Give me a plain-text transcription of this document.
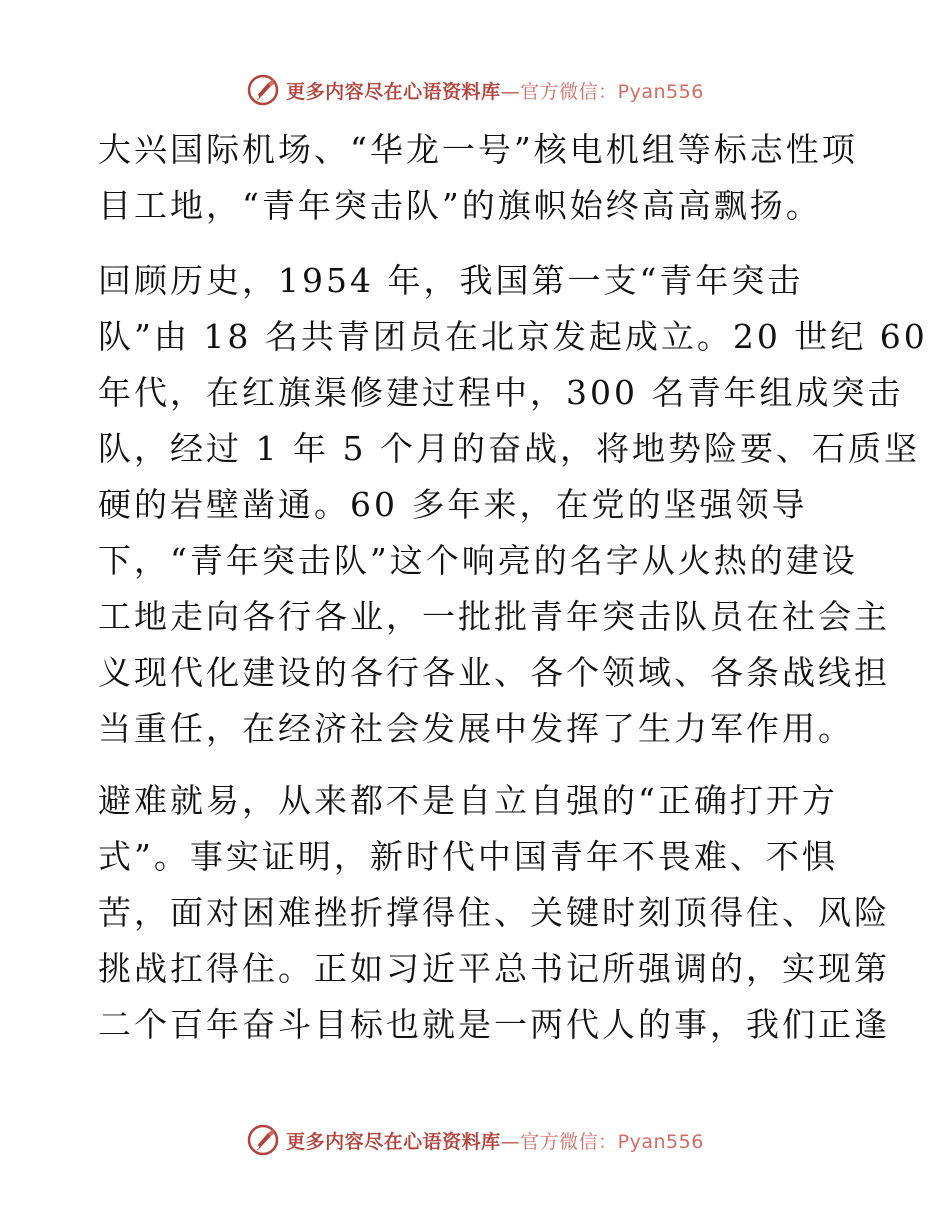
更多内容尽在心语资料库—官方微信：Pyan556
大兴国际机场、“华龙一号”核电机组等标志性项
目工地，“青年突击队”的旗帜始终高高飘扬。
回顾历史，1954 年，我国第一支“青年突击
队”由 18 名共青团员在北京发起成立。20 世纪 60
年代，在红旗渠修建过程中，300 名青年组成突击
队，经过 1 年 5 个月的奋战，将地势险要、石质坚
硬的岩壁凿通。60 多年来，在党的坚强领导
下，“青年突击队”这个响亮的名字从火热的建设
工地走向各行各业，一批批青年突击队员在社会主
义现代化建设的各行各业、各个领域、各条战线担
当重任，在经济社会发展中发挥了生力军作用。
避难就易，从来都不是自立自强的“正确打开方
式”。事实证明，新时代中国青年不畏难、不惧
苦，面对困难挫折撑得住、关键时刻顶得住、风险
挑战扛得住。正如习近平总书记所强调的，实现第
二个百年奋斗目标也就是一两代人的事，我们正逢
更多内容尽在心语资料库—官方微信：Pyan556
